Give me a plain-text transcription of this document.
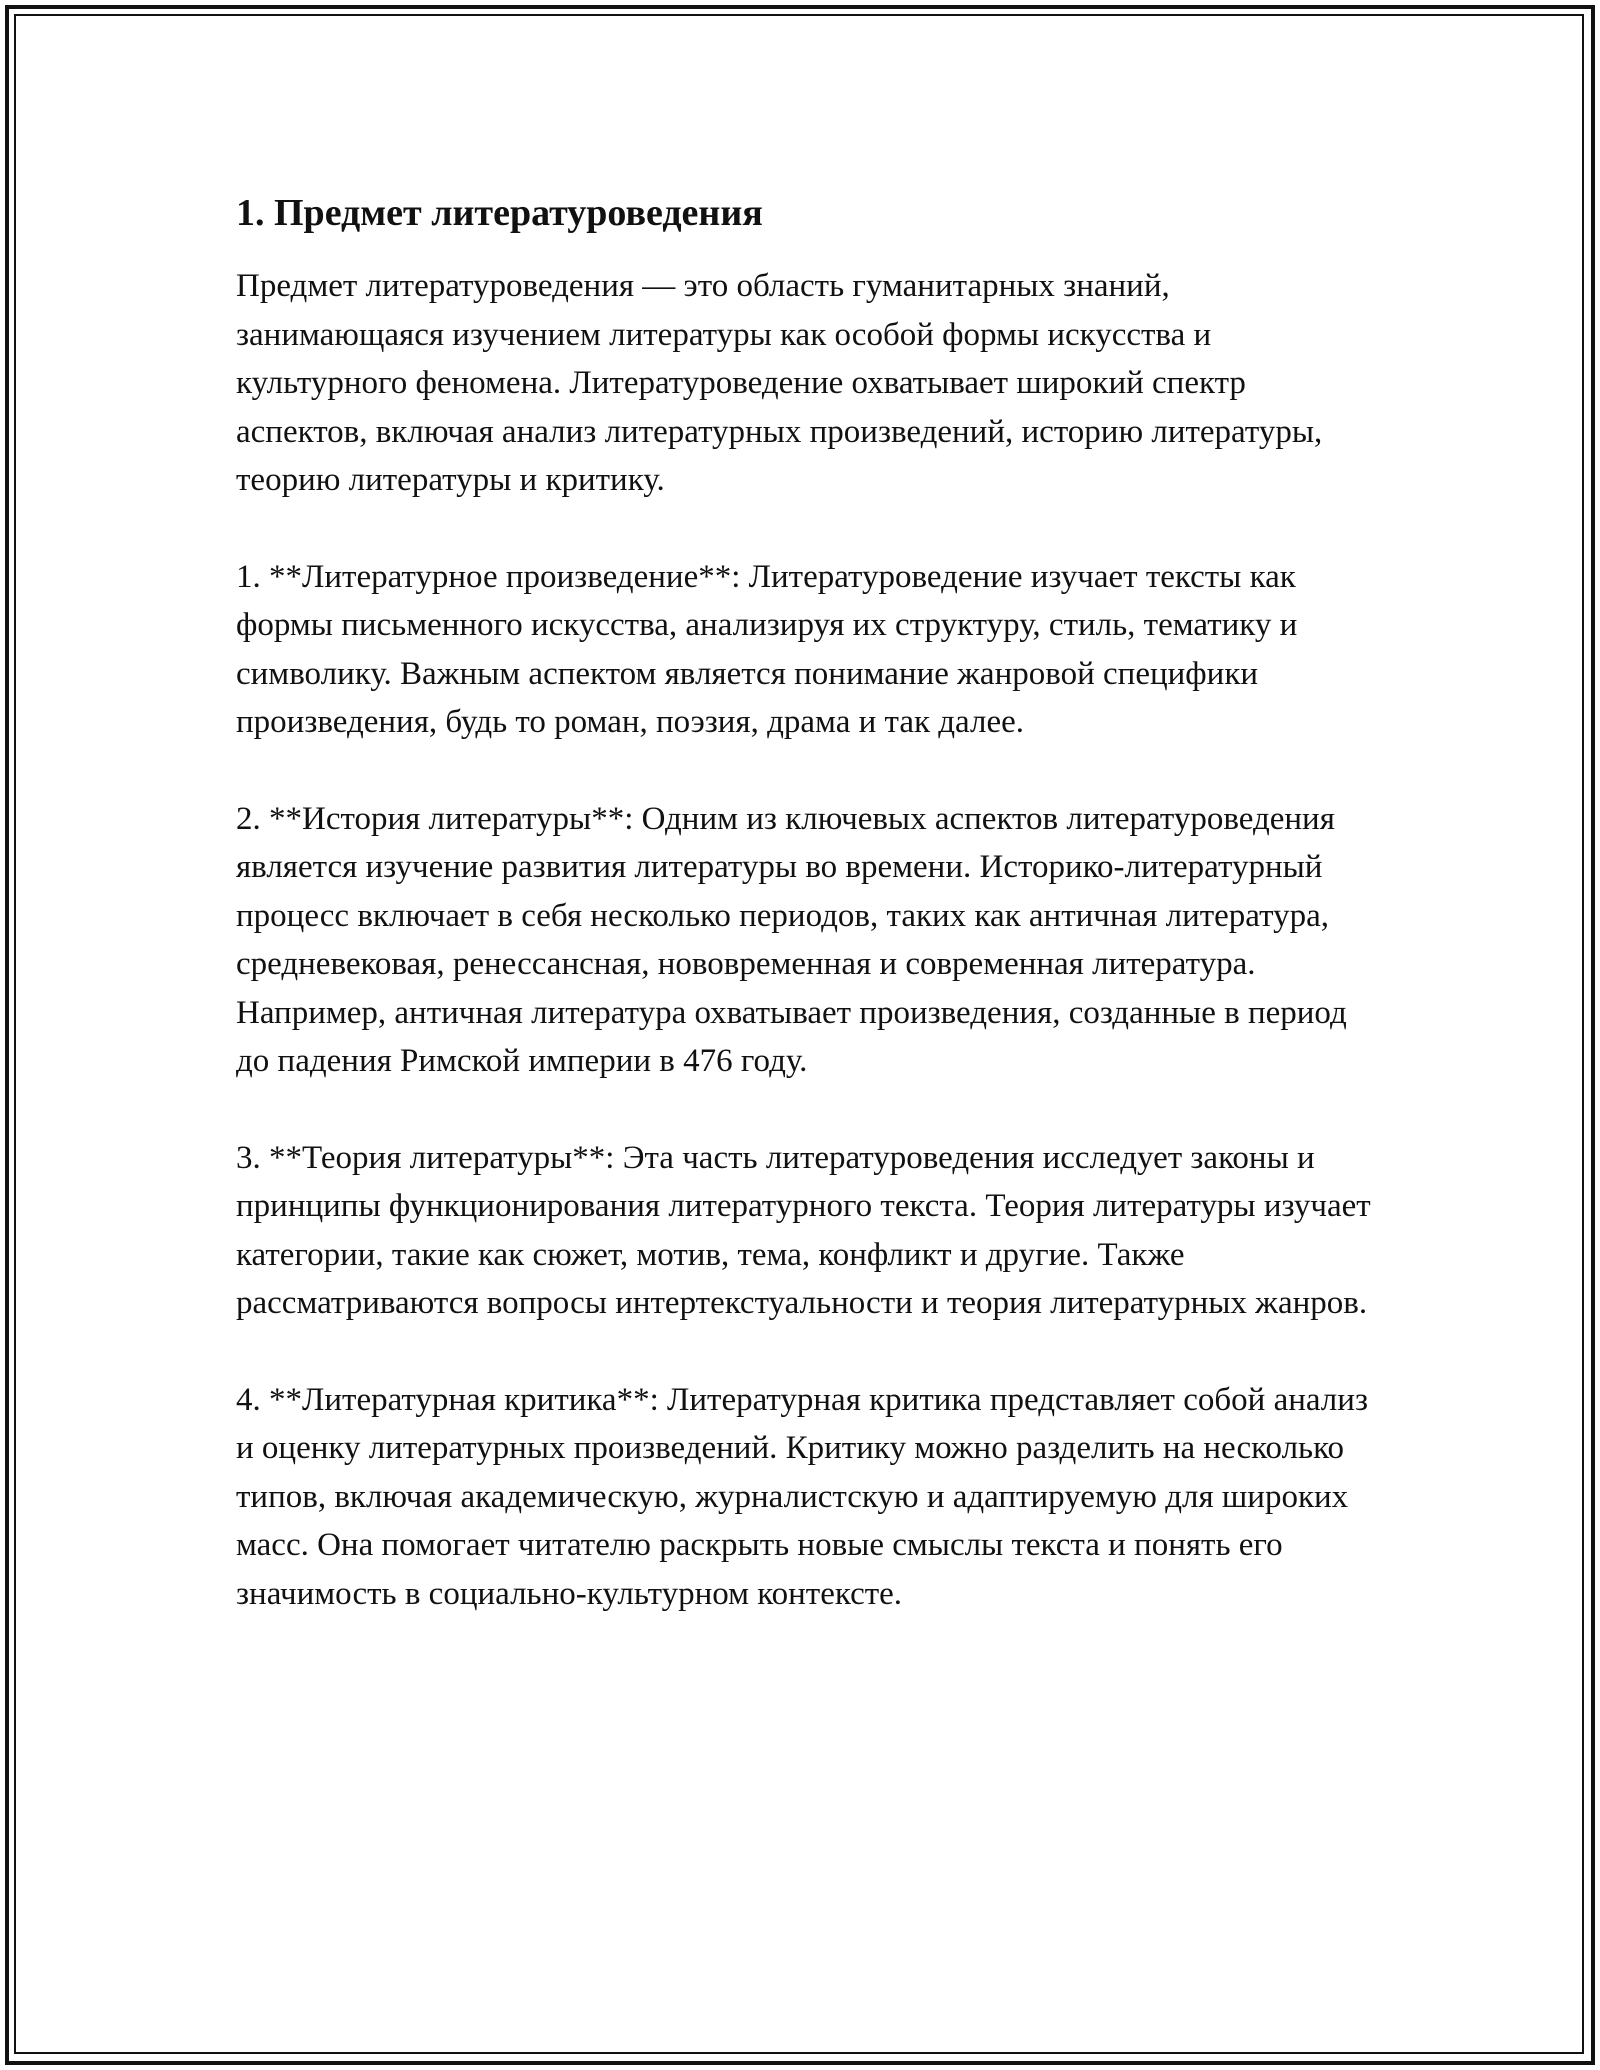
1. Предмет литературоведения

Предмет литературоведения — это область гуманитарных знаний, занимающаяся изучением литературы как особой формы искусства и культурного феномена. Литературоведение охватывает широкий спектр аспектов, включая анализ литературных произведений, историю литературы, теорию литературы и критику.

1. **Литературное произведение**: Литературоведение изучает тексты как формы письменного искусства, анализируя их структуру, стиль, тематику и символику. Важным аспектом является понимание жанровой специфики произведения, будь то роман, поэзия, драма и так далее.

2. **История литературы**: Одним из ключевых аспектов литературоведения является изучение развития литературы во времени. Историко-литературный процесс включает в себя несколько периодов, таких как античная литература, средневековая, ренессансная, нововременная и современная литература. Например, античная литература охватывает произведения, созданные в период до падения Римской империи в 476 году.

3. **Теория литературы**: Эта часть литературоведения исследует законы и принципы функционирования литературного текста. Теория литературы изучает категории, такие как сюжет, мотив, тема, конфликт и другие. Также рассматриваются вопросы интертекстуальности и теория литературных жанров.

4. **Литературная критика**: Литературная критика представляет собой анализ и оценку литературных произведений. Критику можно разделить на несколько типов, включая академическую, журналистскую и адаптируемую для широких масс. Она помогает читателю раскрыть новые смыслы текста и понять его значимость в социально-культурном контексте.
